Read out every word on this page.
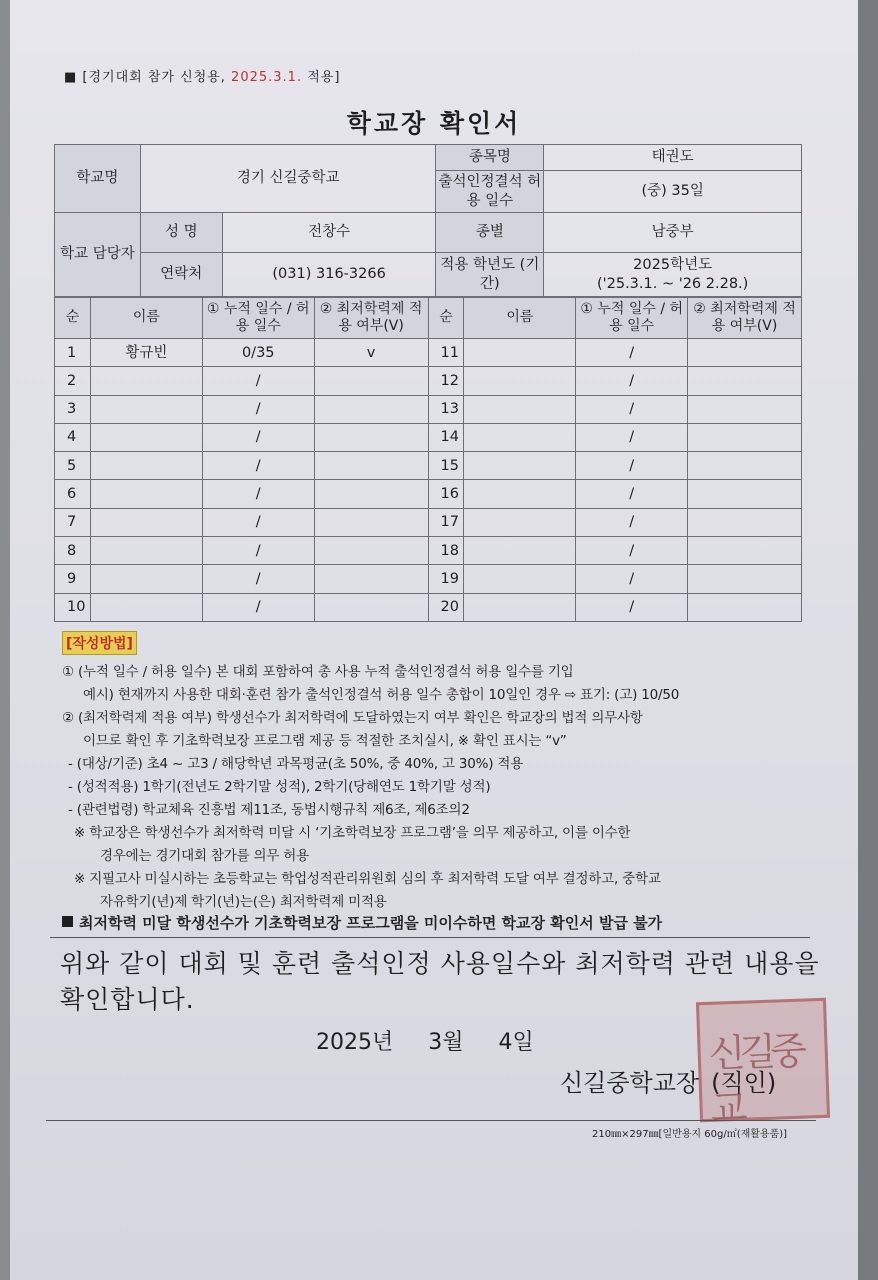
■ [경기대회 참가 신청용, 2025.3.1. 적용]
학교장 확인서
학교명	경기 신길중학교		종목명	태권도
			출석인정결석 허용 일수	(중) 35일
학교 담당자	성 명	전창수	종별	남중부
	연락처	(031) 316-3266	적용 학년도 (기간)	2025학년도
('25.3.1. ~ '26 2.28.)
순	이름	① 누적 일수 / 허용 일수	② 최저학력제 적용 여부(V)	순	이름	① 누적 일수 / 허용 일수	② 최저학력제 적용 여부(V)
1	황규빈	0/35	v	11		/	
2		/		12		/	
3		/		13		/	
4		/		14		/	
5		/		15		/	
6		/		16		/	
7		/		17		/	
8		/		18		/	
9		/		19		/	
10		/		20		/	
[작성방법]
① (누적 일수 / 허용 일수) 본 대회 포함하여 총 사용 누적 출석인정결석 허용 일수를 기입
예시) 현재까지 사용한 대회·훈련 참가 출석인정결석 허용 일수 총합이 10일인 경우 ⇨ 표기: (고) 10/50
② (최저학력제 적용 여부) 학생선수가 최저학력에 도달하였는지 여부 확인은 학교장의 법적 의무사항
이므로 확인 후 기초학력보장 프로그램 제공 등 적절한 조치실시, ※ 확인 표시는 “v”
- (대상/기준) 초4 ~ 고3 / 해당학년 과목평균(초 50%, 중 40%, 고 30%) 적용
- (성적적용) 1학기(전년도 2학기말 성적), 2학기(당해연도 1학기말 성적)
- (관련법령) 학교체육 진흥법 제11조, 동법시행규칙 제6조, 제6조의2
※ 학교장은 학생선수가 최저학력 미달 시 ‘기초학력보장 프로그램’을 의무 제공하고, 이를 이수한
경우에는 경기대회 참가를 의무 허용
※ 지필고사 미실시하는 초등학교는 학업성적관리위원회 심의 후 최저학력 도달 여부 결정하고, 중학교
자유학기(년)제 학기(년)는(은) 최저학력제 미적용
최저학력 미달 학생선수가 기초학력보장 프로그램을 미이수하면 학교장 확인서 발급 불가
위와 같이 대회 및 훈련 출석인정 사용일수와 최저학력 관련 내용을 확인합니다.
2025년 3월 4일	신길중교
신길중학교장 (직인)
210㎜×297㎜[일반용지 60g/㎡(재활용품)]
